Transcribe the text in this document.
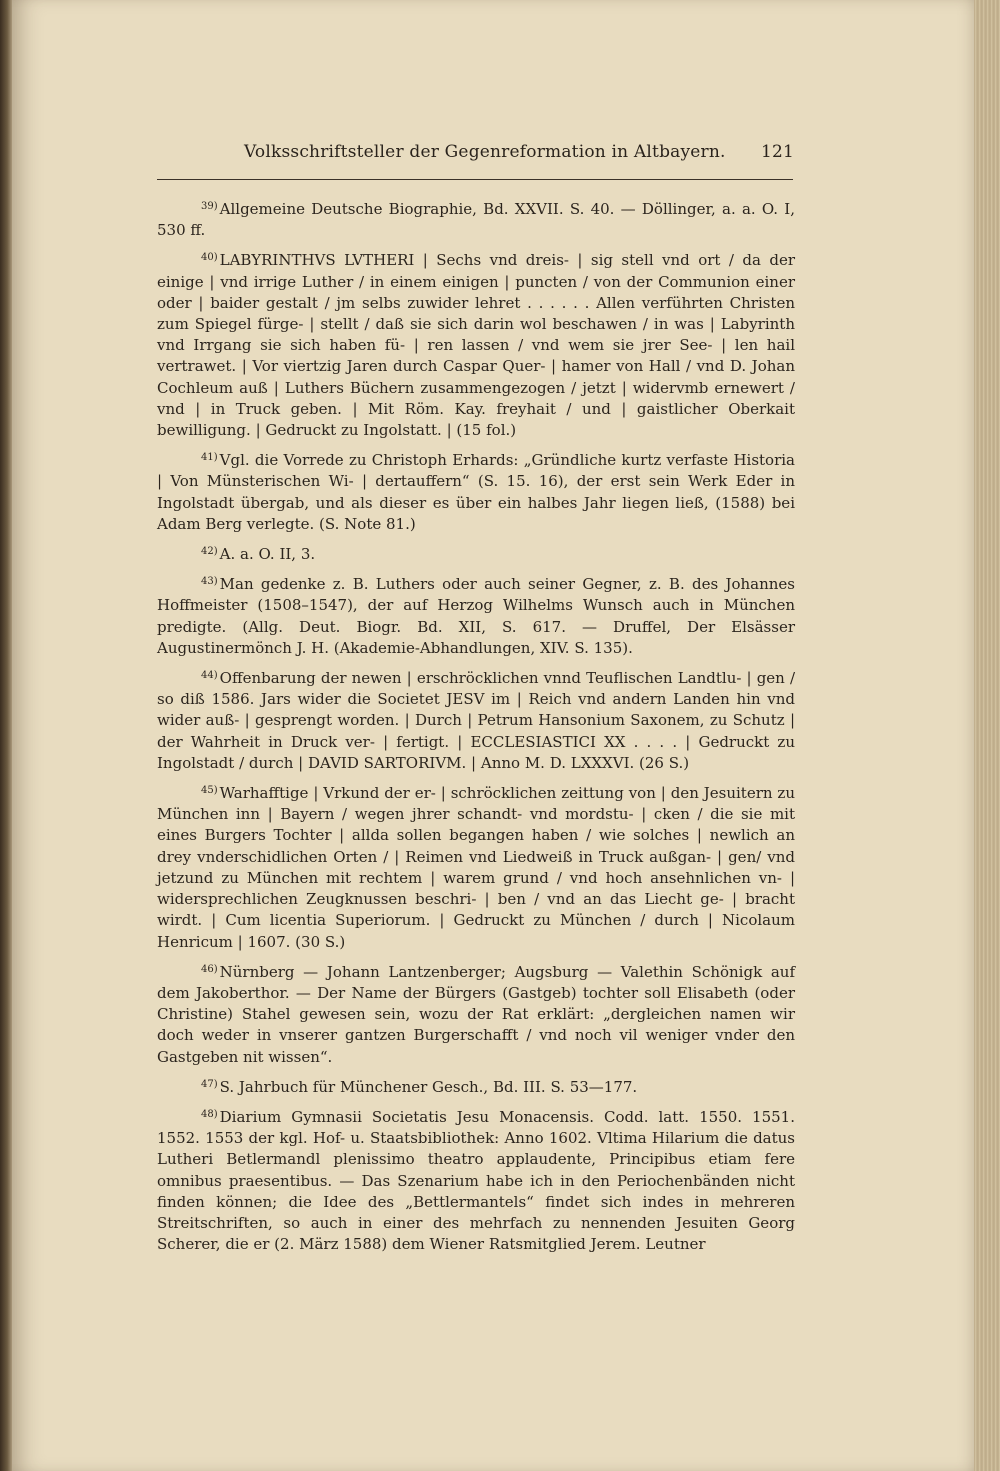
Volksschriftsteller der Gegenreformation in Altbayern. 121

$^{39)}$ Allgemeine Deutsche Biographie, Bd. XXVII. S. 40. — Döllinger, a. a. O. I, 530 ff.

$^{40)}$ LABYRINTHVS LVTHERI | Sechs vnd dreis- | sig stell vnd ort / da der einige | vnd irrige Luther / in einem einigen | puncten / von der Communion einer oder | baider gestalt / jm selbs zuwider lehret . . . . . . Allen verführten Christen zum Spiegel fürge- | stellt / daß sie sich darin wol beschawen / in was | Labyrinth vnd Irrgang sie sich haben fü- | ren lassen / vnd wem sie jrer See- | len hail vertrawet. | Vor viertzig Jaren durch Caspar Quer- | hamer von Hall / vnd D. Johan Cochleum auß | Luthers Büchern zusammengezogen / jetzt | widervmb ernewert / vnd | in Truck geben. | Mit Röm. Kay. freyhait / und | gaistlicher Oberkait bewilligung. | Gedruckt zu Ingolstatt. | (15 fol.)

$^{41)}$ Vgl. die Vorrede zu Christoph Erhards: „Gründliche kurtz verfaste Historia | Von Münsterischen Wi- | dertauffern“ (S. 15. 16), der erst sein Werk Eder in Ingolstadt übergab, und als dieser es über ein halbes Jahr liegen ließ, (1588) bei Adam Berg verlegte. (S. Note 81.)

$^{42)}$ A. a. O. II, 3.

$^{43)}$ Man gedenke z. B. Luthers oder auch seiner Gegner, z. B. des Johannes Hoffmeister (1508–1547), der auf Herzog Wilhelms Wunsch auch in München predigte. (Allg. Deut. Biogr. Bd. XII, S. 617. — Druffel, Der Elsässer Augustinermönch J. H. (Akademie-Abhandlungen, XIV. S. 135).

$^{44)}$ Offenbarung der newen | erschröcklichen vnnd Teuflischen Landtlu- | gen / so diß 1586. Jars wider die Societet JESV im | Reich vnd andern Landen hin vnd wider auß- | gesprengt worden. | Durch | Petrum Hansonium Saxonem, zu Schutz | der Wahrheit in Druck ver- | fertigt. | ECCLESIASTICI XX . . . . | Gedruckt zu Ingolstadt / durch | DAVID SARTORIVM. | Anno M. D. LXXXVI. (26 S.)

$^{45)}$ Warhafftige | Vrkund der er- | schröcklichen zeittung von | den Jesuitern zu München inn | Bayern / wegen jhrer schandt- vnd mordstu- | cken / die sie mit eines Burgers Tochter | allda sollen begangen haben / wie solches | newlich an drey vnderschidlichen Orten / | Reimen vnd Liedweiß in Truck außgan- | gen/ vnd jetzund zu München mit rechtem | warem grund / vnd hoch ansehnlichen vn- | widersprechlichen Zeugknussen beschri- | ben / vnd an das Liecht ge- | bracht wirdt. | Cum licentia Superiorum. | Gedruckt zu München / durch | Nicolaum Henricum | 1607. (30 S.)

$^{46)}$ Nürnberg — Johann Lantzenberger; Augsburg — Valethin Schönigk auf dem Jakoberthor. — Der Name der Bürgers (Gastgeb) tochter soll Elisabeth (oder Christine) Stahel gewesen sein, wozu der Rat erklärt: „dergleichen namen wir doch weder in vnserer gantzen Burgerschafft / vnd noch vil weniger vnder den Gastgeben nit wissen“.

$^{47)}$ S. Jahrbuch für Münchener Gesch., Bd. III. S. 53—177.

$^{48)}$ Diarium Gymnasii Societatis Jesu Monacensis. Codd. latt. 1550. 1551. 1552. 1553 der kgl. Hof- u. Staatsbibliothek: Anno 1602. Vltima Hilarium die datus Lutheri Betlermandl plenissimo theatro applaudente, Principibus etiam fere omnibus praesentibus. — Das Szenarium habe ich in den Periochenbänden nicht finden können; die Idee des „Bettlermantels“ findet sich indes in mehreren Streitschriften, so auch in einer des mehrfach zu nennenden Jesuiten Georg Scherer, die er (2. März 1588) dem Wiener Ratsmitglied Jerem. Leutner
